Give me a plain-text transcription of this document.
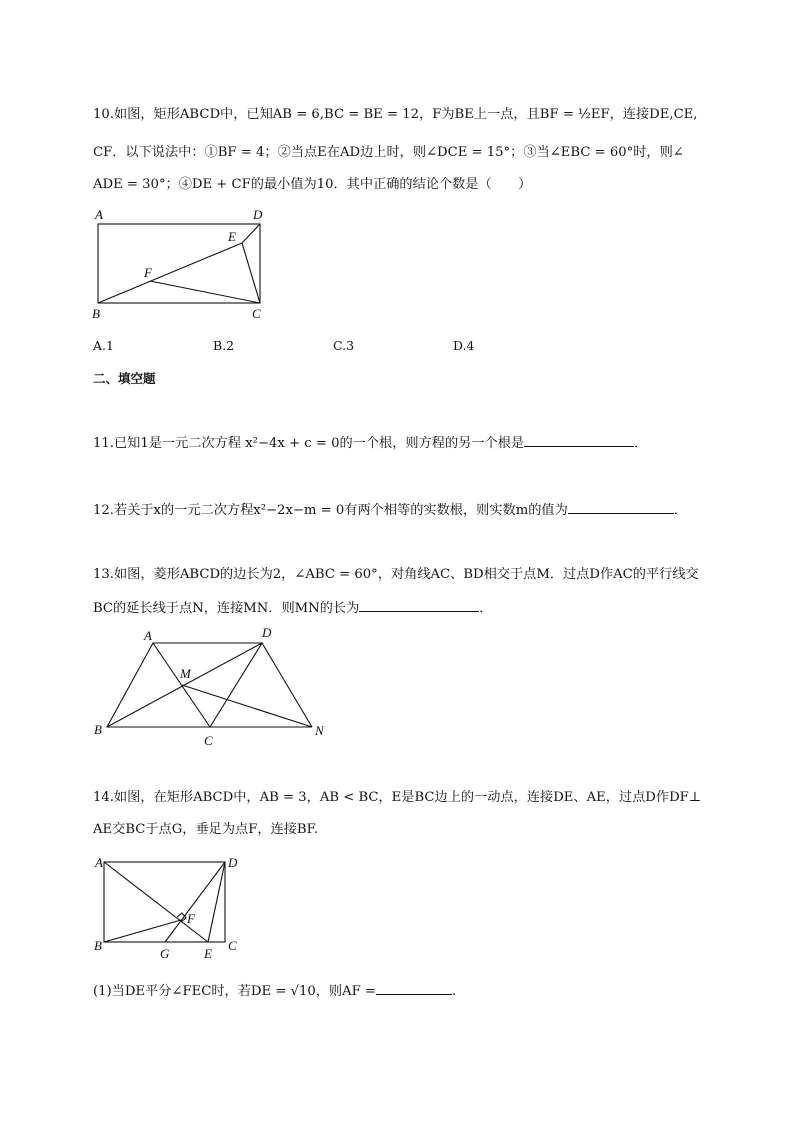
10.如图，矩形ABCD中，已知AB = 6,BC = BE = 12，F为BE上一点，且BF = ½EF，连接DE,CE,
CF．以下说法中：①BF = 4；②当点E在AD边上时，则∠DCE = 15°；③当∠EBC = 60°时，则∠
ADE = 30°；④DE + CF的最小值为10．其中正确的结论个数是（　　）
A	D
E
F
B	C
A.1	B.2	C.3	D.4
二、填空题
11.已知1是一元二次方程 x²−4x + c = 0的一个根，则方程的另一个根是	．
12.若关于x的一元二次方程x²−2x−m = 0有两个相等的实数根，则实数m的值为	．
13.如图，菱形ABCD的边长为2，∠ABC = 60°，对角线AC、BD相交于点M．过点D作AC的平行线交
BC的延长线于点N，连接MN．则MN的长为	．
A	D
M
B
C
N
14.如图，在矩形ABCD中，AB = 3，AB < BC，E是BC边上的一动点，连接DE、AE，过点D作DF⊥
AE交BC于点G，垂足为点F，连接BF.
A	D
F
B
G	E
C
(1)当DE平分∠FEC时，若DE = √10，则AF =	.
